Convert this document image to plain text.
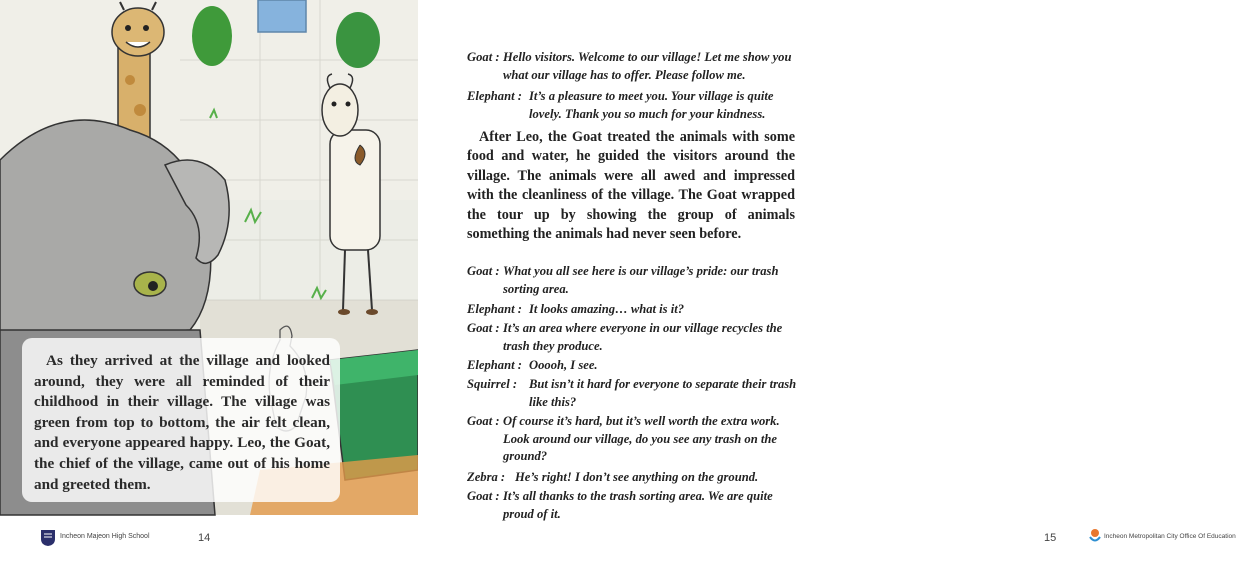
As they arrived at the village and looked around, they were all reminded of their childhood in their village. The village was green from top to bottom, the air felt clean, and everyone appeared happy. Leo, the Goat, the chief of the village, came out of his home and greeted them.

Incheon Majeon High School	14	15	Incheon Metropolitan City Office Of Education
Goat : Hello visitors. Welcome to our village! Let me show you what our village has to offer. Please follow me.
Elephant : It’s a pleasure to meet you. Your village is quite lovely. Thank you so much for your kindness.

After Leo, the Goat treated the animals with some food and water, he guided the visitors around the village. The animals were all awed and impressed with the cleanliness of the village. The Goat wrapped the tour up by showing the group of animals something the animals had never seen before.

Goat : What you all see here is our village’s pride: our trash sorting area.
Elephant : It looks amazing… what is it?
Goat : It’s an area where everyone in our village recycles the trash they produce.
Elephant : Ooooh, I see.
Squirrel : But isn’t it hard for everyone to separate their trash like this?
Goat : Of course it’s hard, but it’s well worth the extra work. Look around our village, do you see any trash on the ground?
Zebra : He’s right! I don’t see anything on the ground.
Goat : It’s all thanks to the trash sorting area. We are quite proud of it.
